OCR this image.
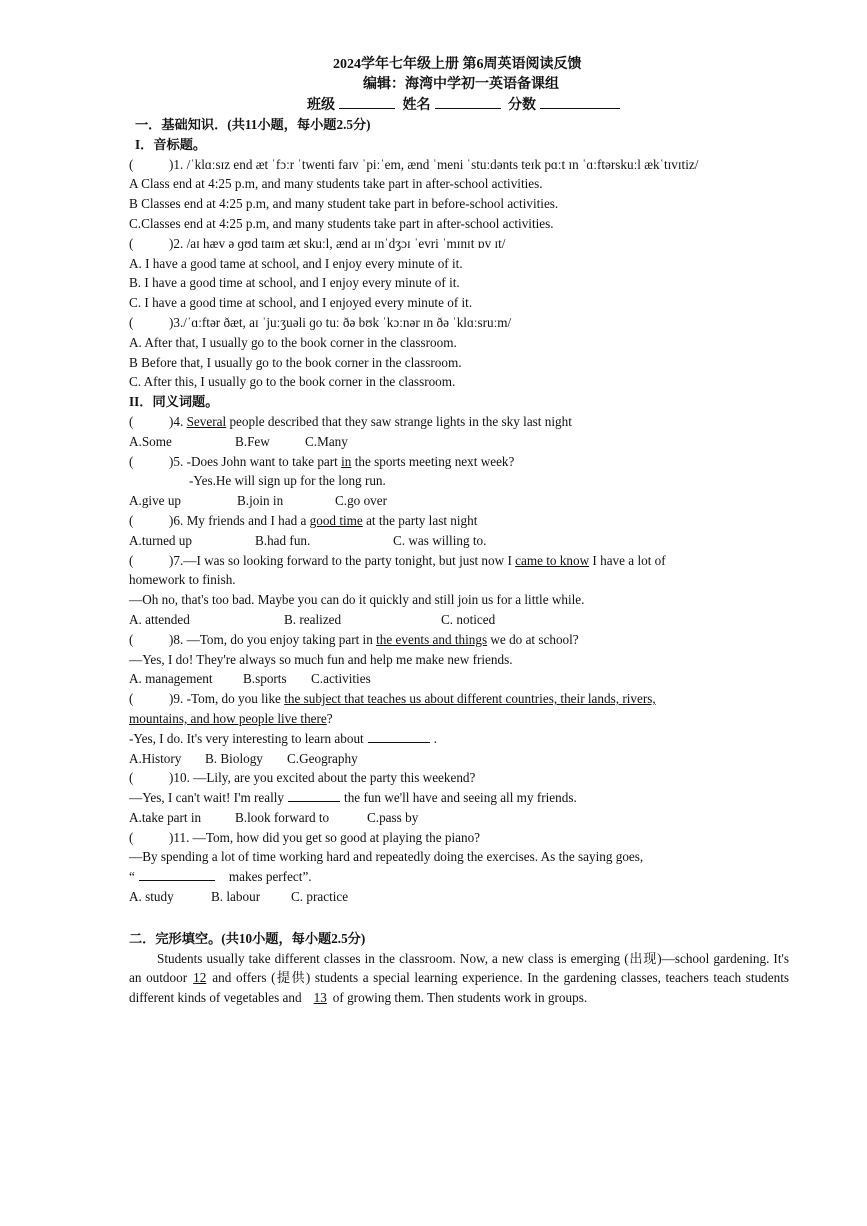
2024学年七年级上册 第6周英语阅读反馈
编辑：海湾中学初一英语备课组
班级	姓名	分数
一．基础知识．(共11小题，每小题2.5分)
I．音标题。
(	)1. /ˈklɑːsɪz end æt ˈfɔːr ˈtwenti faɪv ˈpiːˈem, ænd ˈmeni ˈstuːdənts teɪk pɑːt ɪn ˈɑːftərskuːl ækˈtɪvɪtiz/
A Class end at 4:25 p.m, and many students take part in after-school activities.
B Classes end at 4:25 p.m, and many student take part in before-school activities.
C.Classes end at 4:25 p.m, and many students take part in after-school activities.
(	)2. /aɪ hæv ə ɡʊd taɪm æt skuːl, ænd aɪ ɪnˈdʒɔɪ ˈevri ˈmɪnɪt ɒv ɪt/
A. I have a good tame at school, and I enjoy every minute of it.
B. I have a good time at school, and I enjoy every minute of it.
C. I have a good time at school, and I enjoyed every minute of it.
(	)3./ˈɑːftər ðæt, aɪ ˈjuːʒuəli ɡo tuː ðə bʊk ˈkɔːnər ɪn ðə ˈklɑːsruːm/
A. After that, I usually go to the book corner in the classroom.
B Before that, I usually go to the book corner in the classroom.
C. After this, I usually go to the book corner in the classroom.
II．同义词题。
(	)4. Several people described that they saw strange lights in the sky last night
A.Some	B.Few	C.Many
(	)5. -Does John want to take part in the sports meeting next week?
-Yes.He will sign up for the long run.
A.give up	B.join in	C.go over
(	)6. My friends and I had a good time at the party last night
A.turned up	B.had fun.	C. was willing to.
(	)7.—I was so looking forward to the party tonight, but just now I came to know I have a lot of
homework to finish.
—Oh no, that's too bad. Maybe you can do it quickly and still join us for a little while.
A. attended	B. realized	C. noticed
(	)8. —Tom, do you enjoy taking part in the events and things we do at school?
—Yes, I do! They're always so much fun and help me make new friends.
A. management B.sports C.activities
(	)9. -Tom, do you like the subject that teaches us about different countries, their lands, rivers,
mountains, and how people live there?
-Yes, I do. It's very interesting to learn about	.
A.History B. Biology C.Geography
(	)10. —Lily, are you excited about the party this weekend?
—Yes, I can't wait! I'm really	the fun we'll have and seeing all my friends.
A.take part in	B.look forward to	C.pass by
(	)11. —Tom, how did you get so good at playing the piano?
—By spending a lot of time working hard and repeatedly doing the exercises. As the saying goes,
“	makes perfect”.
A. study	B. labour C. practice
二．完形填空。(共10小题，每小题2.5分)
Students usually take different classes in the classroom. Now, a new class is emerging (出现)—school gardening. It's an outdoor 12 and offers (提供) students a special learning experience. In the gardening classes, teachers teach students different kinds of vegetables and 13 of growing them. Then students work in groups.
